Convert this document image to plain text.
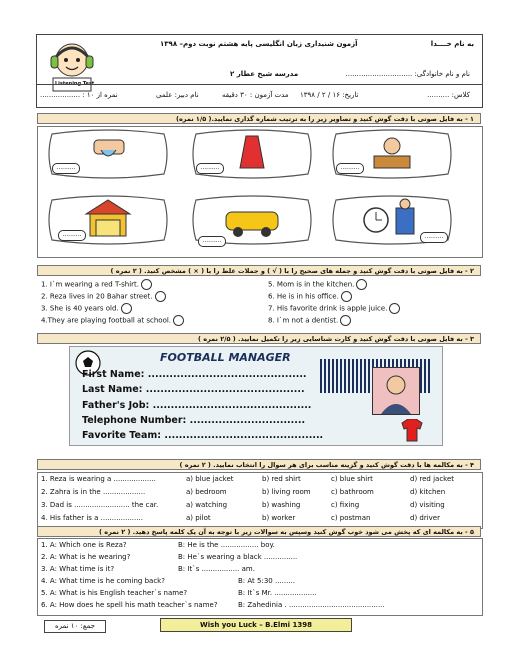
به نام خــــدا
آزمون شنیداری زبان انگلیسی پایه هشتم نوبت دوم– ۱۳۹۸
نام و نام خانوادگی: ..............................
مدرسه شیخ عطار ۲
کلاس: ..........
تاریخ: ۱۶ / ۲ / ۱۳۹۸
مدت آزمون : ۳۰ دقیقه
نام دبیر: علمی
نمره از ۱۰ : ..................
۱ - به فایل صوتی با دقت گوش کنید و تصاویر زیر را به ترتیب شماره گذاری نمایید.( ۱/۵ نمره)
..........	..........	..........
..........
..........
..........
۲ - به فایل صوتی با دقت گوش کنید و جمله های صحیح را با ( √ ) و جملات غلط را با ( × ) مشخص کنید. ( ۲ نمره )
1. I`m wearing a red T-shirt.
2. Reza lives in 20 Bahar street.
3. She is 40 years old.
4.They are playing football at school.
5. Mom is in the kitchen.
6. He is in his office.
7. His favorite drink is apple juice.
8. I`m not a dentist.
۳ - به فایل صوتی با دقت گوش کنید و کارت شناسایی زیر را تکمیل نمایید. ( ۲/۵ نمره )
FOOTBALL MANAGER
First Name: ............................................
Last Name: ............................................
Father's Job: ............................................
Telephone Number: ................................
Favorite Team: ............................................
۴ - به مکالمه ها با دقت گوش کنید و گزینه مناسب برای هر سوال را انتخاب نمایید. ( ۲ نمره )
1. Reza is wearing a ...................	a) blue jacket	b) red shirt	c) blue shirt	d) red jacket
2. Zahra is in the ...................	a) bedroom	b) living room	c) bathroom	d) kitchen
3. Dad is ......................... the car.	a) watching	b) washing	c) fixing	d) visiting
4. His father is a ...................	a) pilot	b) worker	c) postman	d) driver
۵ - به مکالمه ای که پخش می شود خوب گوش کنید وسپس به سوالات زیر با توجه به آن یک کلمه پاسخ دهید. ( ۲ نمره )
1. A: Which one is Reza?	B: He is the ................. boy.
2. A: What is he wearing?	B: He`s wearing a black ...............
3. A: What time is it?	B: It`s ................. am.
4. A: What time is he coming back?	B: At 5:30 .........
5. A: What is his English teacher`s name?	B: It`s Mr. ...................
6. A: How does he spell his math teacher`s name?	B: Zahedinia . ...........................................
جمع: ۱۰ نمره	Wish you Luck – B.Elmi 1398
